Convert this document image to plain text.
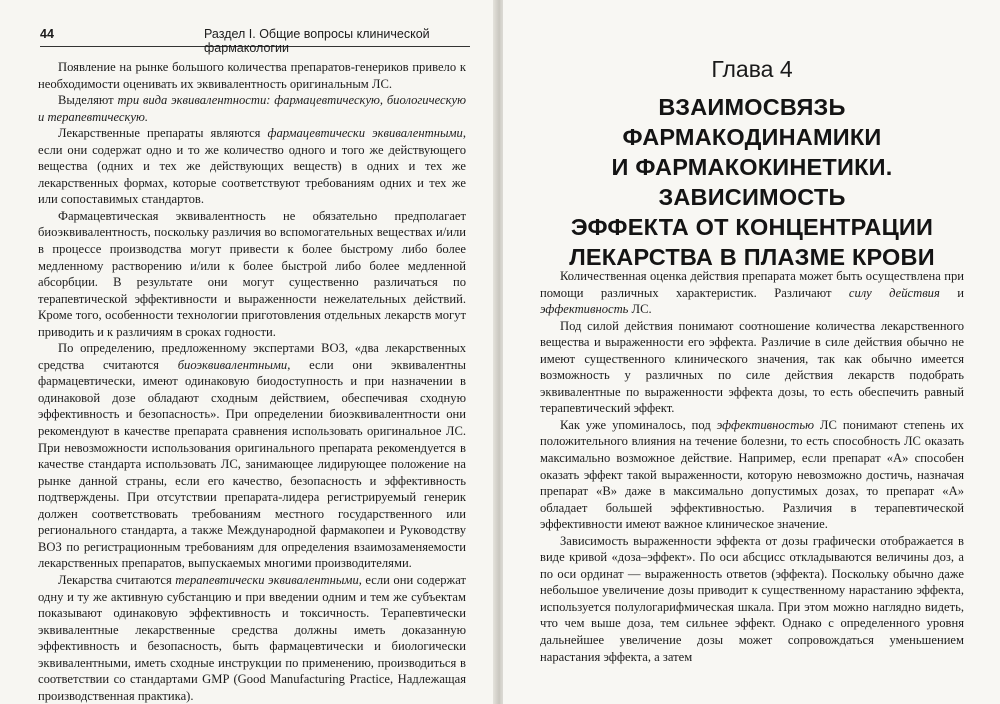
44	Раздел I. Общие вопросы клинической фармакологии

Появление на рынке большого количества препаратов-генериков привело к необходимости оценивать их эквивалентность оригинальным ЛС.

Выделяют три вида эквивалентности: фармацевтическую, биологическую и терапевтическую.

Лекарственные препараты являются фармацевтически эквивалентными, если они содержат одно и то же количество одного и того же действующего вещества (одних и тех же действующих веществ) в одних и тех же лекарственных формах, которые соответствуют требованиям одних и тех же или сопоставимых стандартов.

Фармацевтическая эквивалентность не обязательно предполагает биоэквивалентность, поскольку различия во вспомогательных веществах и/или в процессе производства могут привести к более быстрому либо более медленному растворению и/или к более быстрой либо более медленной абсорбции. В результате они могут существенно различаться по терапевтической эффективности и выраженности нежелательных действий. Кроме того, особенности технологии приготовления отдельных лекарств могут приводить и к различиям в сроках годности.

По определению, предложенному экспертами ВОЗ, «два лекарственных средства считаются биоэквивалентными, если они эквивалентны фармацевтически, имеют одинаковую биодоступность и при назначении в одинаковой дозе обладают сходным действием, обеспечивая сходную эффективность и безопасность». При определении биоэквивалентности они рекомендуют в качестве препарата сравнения использовать оригинальное ЛС. При невозможности использования оригинального препарата рекомендуется в качестве стандарта использовать ЛС, занимающее лидирующее положение на рынке данной страны, если его качество, безопасность и эффективность подтверждены. При отсутствии препарата-лидера регистрируемый генерик должен соответствовать требованиям местного государственного или регионального стандарта, а также Международной фармакопеи и Руководству ВОЗ по регистрационным требованиям для определения взаимозаменяемости лекарственных препаратов, выпускаемых многими производителями.

Лекарства считаются терапевтически эквивалентными, если они содержат одну и ту же активную субстанцию и при введении одним и тем же субъектам показывают одинаковую эффективность и токсичность. Терапевтически эквивалентные лекарственные средства должны иметь доказанную эффективность и безопасность, быть фармацевтически и биологически эквивалентными, иметь сходные инструкции по применению, производиться в соответствии со стандартами GMP (Good Manufacturing Practice, Надлежащая производственная практика).

Глава 4
ВЗАИМОСВЯЗЬ ФАРМАКОДИНАМИКИ
И ФАРМАКОКИНЕТИКИ. ЗАВИСИМОСТЬ
ЭФФЕКТА ОТ КОНЦЕНТРАЦИИ
ЛЕКАРСТВА В ПЛАЗМЕ КРОВИ

Количественная оценка действия препарата может быть осуществлена при помощи различных характеристик. Различают силу действия и эффективность ЛС.

Под силой действия понимают соотношение количества лекарственного вещества и выраженности его эффекта. Различие в силе действия обычно не имеют существенного клинического значения, так как обычно имеется возможность у различных по силе действия лекарств подобрать эквивалентные по выраженности эффекта дозы, то есть обеспечить равный терапевтический эффект.

Как уже упоминалось, под эффективностью ЛС понимают степень их положительного влияния на течение болезни, то есть способность ЛС оказать максимально возможное действие. Например, если препарат «А» способен оказать эффект такой выраженности, которую невозможно достичь, назначая препарат «В» даже в максимально допустимых дозах, то препарат «А» обладает большей эффективностью. Различия в терапевтической эффективности имеют важное клиническое значение.

Зависимость выраженности эффекта от дозы графически отображается в виде кривой «доза–эффект». По оси абсцисс откладываются величины доз, а по оси ординат — выраженность ответов (эффекта). Поскольку обычно даже небольшое увеличение дозы приводит к существенному нарастанию эффекта, используется полулогарифмическая шкала. При этом можно наглядно видеть, что чем выше доза, тем сильнее эффект. Однако с определенного уровня дальнейшее увеличение дозы может сопровождаться уменьшением нарастания эффекта, а затем
